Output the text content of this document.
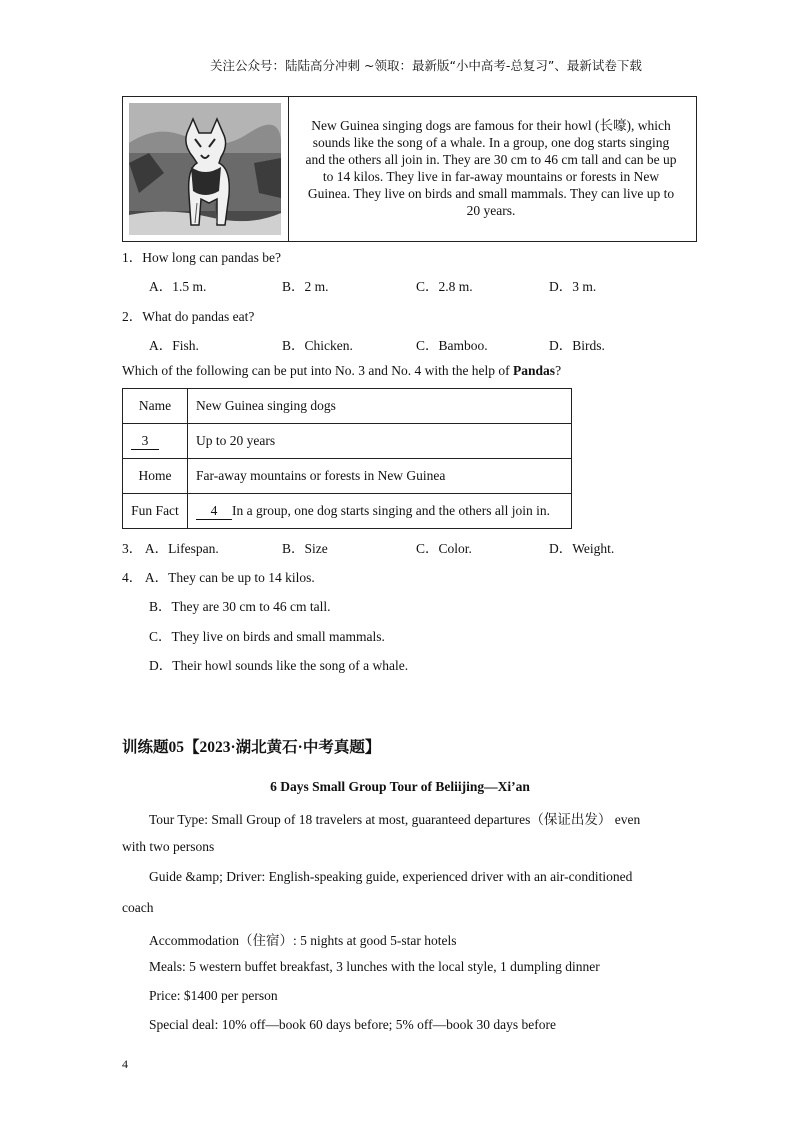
关注公众号：陆陆高分冲刺 ~领取：最新版“小中高考-总复习”、最新试卷下载
New Guinea singing dogs are famous for their howl (长嚎), which
sounds like the song of a whale. In a group, one dog starts singing
and the others all join in. They are 30 cm to 46 cm tall and can be up
to 14 kilos. They live in far-away mountains or forests in New
Guinea. They live on birds and small mammals. They can live up to
20 years.
1．How long can pandas be?
A．1.5 m.	B．2 m.	C．2.8 m.	D．3 m.
2．What do pandas eat?
A．Fish.	B．Chicken.	C．Bamboo.	D．Birds.
Which of the following can be put into No. 3 and No. 4 with the help of Pandas?
Name	New Guinea singing dogs
3	Up to 20 years
Home	Far-away mountains or forests in New Guinea
Fun Fact	4 In a group, one dog starts singing and the others all join in.
3． A．Lifespan.	B．Size	C．Color.	D．Weight.
4． A．They can be up to 14 kilos.
B．They are 30 cm to 46 cm tall.
C．They live on birds and small mammals.
D．Their howl sounds like the song of a whale.
训练题05【2023·湖北黄石·中考真题】
6 Days Small Group Tour of Beliijing—Xi’an
Tour Type: Small Group of 18 travelers at most, guaranteed departures（保证出发） even
with two persons
Guide &amp; Driver: English-speaking guide, experienced driver with an air-conditioned
coach
Accommodation（住宿）: 5 nights at good 5-star hotels
Meals: 5 western buffet breakfast, 3 lunches with the local style, 1 dumpling dinner
Price: $1400 per person
Special deal: 10% off—book 60 days before; 5% off—book 30 days before
4
